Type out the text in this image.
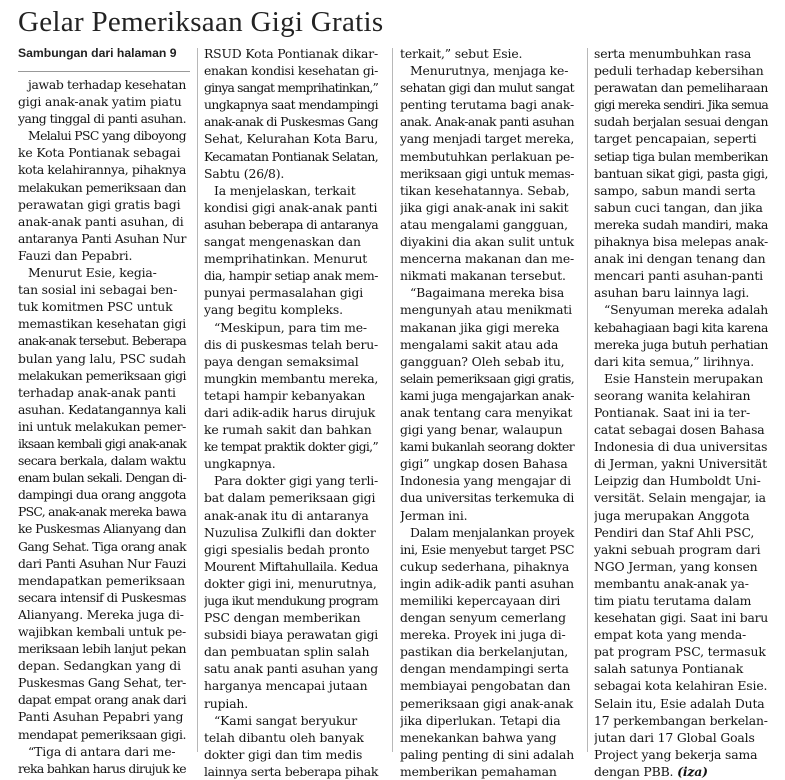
Gelar Pemeriksaan Gigi Gratis
Sambungan dari halaman 9
jawab terhadap kesehatan
gigi anak-anak yatim piatu
yang tinggal di panti asuhan.
Melalui PSC yang diboyong
ke Kota Pontianak sebagai
kota kelahirannya, pihaknya
melakukan pemeriksaan dan
perawatan gigi gratis bagi
anak-anak panti asuhan, di
antaranya Panti Asuhan Nur
Fauzi dan Pepabri.
Menurut Esie, kegia-
tan sosial ini sebagai ben-
tuk komitmen PSC untuk
memastikan kesehatan gigi
anak-anak tersebut. Beberapa
bulan yang lalu, PSC sudah
melakukan pemeriksaan gigi
terhadap anak-anak panti
asuhan. Kedatangannya kali
ini untuk melakukan pemer-
iksaan kembali gigi anak-anak
secara berkala, dalam waktu
enam bulan sekali. Dengan di-
dampingi dua orang anggota
PSC, anak-anak mereka bawa
ke Puskesmas Alianyang dan
Gang Sehat. Tiga orang anak
dari Panti Asuhan Nur Fauzi
mendapatkan pemeriksaan
secara intensif di Puskesmas
Alianyang. Mereka juga di-
wajibkan kembali untuk pe-
meriksaan lebih lanjut pekan
depan. Sedangkan yang di
Puskesmas Gang Sehat, ter-
dapat empat orang anak dari
Panti Asuhan Pepabri yang
mendapat pemeriksaan gigi.
“Tiga di antara dari me-
reka bahkan harus dirujuk ke
RSUD Kota Pontianak dikar-
enakan kondisi kesehatan gi-
ginya sangat memprihatinkan,”
ungkapnya saat mendampingi
anak-anak di Puskesmas Gang
Sehat, Kelurahan Kota Baru,
Kecamatan Pontianak Selatan,
Sabtu (26/8).
Ia menjelaskan, terkait
kondisi gigi anak-anak panti
asuhan beberapa di antaranya
sangat mengenaskan dan
memprihatinkan. Menurut
dia, hampir setiap anak mem-
punyai permasalahan gigi
yang begitu kompleks.
“Meskipun, para tim me-
dis di puskesmas telah beru-
paya dengan semaksimal
mungkin membantu mereka,
tetapi hampir kebanyakan
dari adik-adik harus dirujuk
ke rumah sakit dan bahkan
ke tempat praktik dokter gigi,”
ungkapnya.
Para dokter gigi yang terli-
bat dalam pemeriksaan gigi
anak-anak itu di antaranya
Nuzulisa Zulkifli dan dokter
gigi spesialis bedah pronto
Mourent Miftahullaila. Kedua
dokter gigi ini, menurutnya,
juga ikut mendukung program
PSC dengan memberikan
subsidi biaya perawatan gigi
dan pembuatan splin salah
satu anak panti asuhan yang
harganya mencapai jutaan
rupiah.
“Kami sangat beryukur
telah dibantu oleh banyak
dokter gigi dan tim medis
lainnya serta beberapa pihak
terkait,” sebut Esie.
Menurutnya, menjaga ke-
sehatan gigi dan mulut sangat
penting terutama bagi anak-
anak. Anak-anak panti asuhan
yang menjadi target mereka,
membutuhkan perlakuan pe-
meriksaan gigi untuk memas-
tikan kesehatannya. Sebab,
jika gigi anak-anak ini sakit
atau mengalami gangguan,
diyakini dia akan sulit untuk
mencerna makanan dan me-
nikmati makanan tersebut.
“Bagaimana mereka bisa
mengunyah atau menikmati
makanan jika gigi mereka
mengalami sakit atau ada
gangguan? Oleh sebab itu,
selain pemeriksaan gigi gratis,
kami juga mengajarkan anak-
anak tentang cara menyikat
gigi yang benar, walaupun
kami bukanlah seorang dokter
gigi” ungkap dosen Bahasa
Indonesia yang mengajar di
dua universitas terkemuka di
Jerman ini.
Dalam menjalankan proyek
ini, Esie menyebut target PSC
cukup sederhana, pihaknya
ingin adik-adik panti asuhan
memiliki kepercayaan diri
dengan senyum cemerlang
mereka. Proyek ini juga di-
pastikan dia berkelanjutan,
dengan mendampingi serta
membiayai pengobatan dan
pemeriksaan gigi anak-anak
jika diperlukan. Tetapi dia
menekankan bahwa yang
paling penting di sini adalah
memberikan pemahaman
serta menumbuhkan rasa
peduli terhadap kebersihan
perawatan dan pemeliharaan
gigi mereka sendiri. Jika semua
sudah berjalan sesuai dengan
target pencapaian, seperti
setiap tiga bulan memberikan
bantuan sikat gigi, pasta gigi,
sampo, sabun mandi serta
sabun cuci tangan, dan jika
mereka sudah mandiri, maka
pihaknya bisa melepas anak-
anak ini dengan tenang dan
mencari panti asuhan-panti
asuhan baru lainnya lagi.
“Senyuman mereka adalah
kebahagiaan bagi kita karena
mereka juga butuh perhatian
dari kita semua,” lirihnya.
Esie Hanstein merupakan
seorang wanita kelahiran
Pontianak. Saat ini ia ter-
catat sebagai dosen Bahasa
Indonesia di dua universitas
di Jerman, yakni Universität
Leipzig dan Humboldt Uni-
versität. Selain mengajar, ia
juga merupakan Anggota
Pendiri dan Staf Ahli PSC,
yakni sebuah program dari
NGO Jerman, yang konsen
membantu anak-anak ya-
tim piatu terutama dalam
kesehatan gigi. Saat ini baru
empat kota yang menda-
pat program PSC, termasuk
salah satunya Pontianak
sebagai kota kelahiran Esie.
Selain itu, Esie adalah Duta
17 perkembangan berkelan-
jutan dari 17 Global Goals
Project yang bekerja sama
dengan PBB. (iza)
